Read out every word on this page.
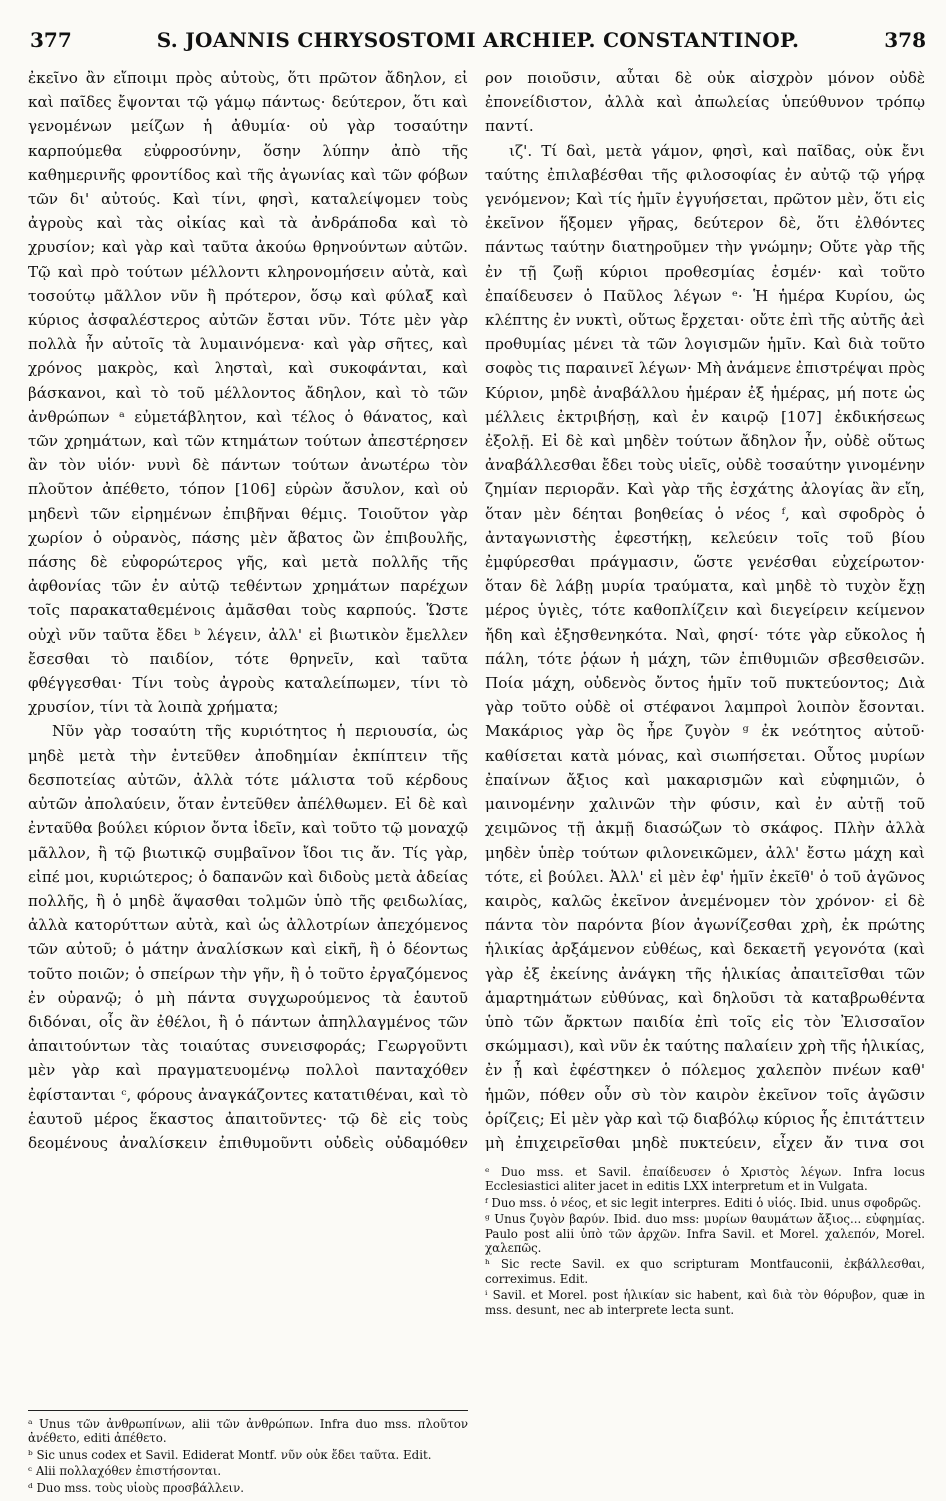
377	S. JOANNIS CHRYSOSTOMI ARCHIEP. CONSTANTINOP.	378

ἐκεῖνο ἂν εἴποιμι πρὸς αὐτοὺς, ὅτι πρῶτον ἄδηλον, εἰ καὶ παῖδες ἔψονται τῷ γάμῳ πάντως· δεύτερον, ὅτι καὶ γενομένων μείζων ἡ ἀθυμία· οὐ γὰρ τοσαύτην καρπούμεθα εὐφροσύνην, ὅσην λύπην ἀπὸ τῆς καθημερινῆς φροντίδος καὶ τῆς ἀγωνίας καὶ τῶν φόβων τῶν δι' αὐτούς. Καὶ τίνι, φησὶ, καταλείψομεν τοὺς ἀγροὺς καὶ τὰς οἰκίας καὶ τὰ ἀνδράποδα καὶ τὸ χρυσίον; καὶ γὰρ καὶ ταῦτα ἀκούω θρηνούντων αὐτῶν. Τῷ καὶ πρὸ τούτων μέλλοντι κληρονομήσειν αὐτὰ, καὶ τοσούτῳ μᾶλλον νῦν ἢ πρότερον, ὅσῳ καὶ φύλαξ καὶ κύριος ἀσφαλέστερος αὐτῶν ἔσται νῦν. Τότε μὲν γὰρ πολλὰ ἦν αὐτοῖς τὰ λυμαινόμενα· καὶ γὰρ σῆτες, καὶ χρόνος μακρὸς, καὶ λησταὶ, καὶ συκοφάνται, καὶ βάσκανοι, καὶ τὸ τοῦ μέλλοντος ἄδηλον, καὶ τὸ τῶν ἀνθρώπων ᵃ εὐμετάβλητον, καὶ τέλος ὁ θάνατος, καὶ τῶν χρημάτων, καὶ τῶν κτημάτων τούτων ἀπεστέρησεν ἂν τὸν υἱόν· νυνὶ δὲ πάντων τούτων ἀνωτέρω τὸν πλοῦτον ἀπέθετο, τόπον [106] εὑρὼν ἄσυλον, καὶ οὐ μηδενὶ τῶν εἰρημένων ἐπιβῆναι θέμις. Τοιοῦτον γὰρ χωρίον ὁ οὐρανὸς, πάσης μὲν ἄβατος ὢν ἐπιβουλῆς, πάσης δὲ εὐφορώτερος γῆς, καὶ μετὰ πολλῆς τῆς ἀφθονίας τῶν ἐν αὐτῷ τεθέντων χρημάτων παρέχων τοῖς παρακαταθεμένοις ἀμᾶσθαι τοὺς καρπούς. Ὥστε οὐχὶ νῦν ταῦτα ἔδει ᵇ λέγειν, ἀλλ' εἰ βιωτικὸν ἔμελλεν ἔσεσθαι τὸ παιδίον, τότε θρηνεῖν, καὶ ταῦτα φθέγγεσθαι· Τίνι τοὺς ἀγροὺς καταλείπωμεν, τίνι τὸ χρυσίον, τίνι τὰ λοιπὰ χρήματα;

Νῦν γὰρ τοσαύτη τῆς κυριότητος ἡ περιουσία, ὡς μηδὲ μετὰ τὴν ἐντεῦθεν ἀποδημίαν ἐκπίπτειν τῆς δεσποτείας αὐτῶν, ἀλλὰ τότε μάλιστα τοῦ κέρδους αὐτῶν ἀπολαύειν, ὅταν ἐντεῦθεν ἀπέλθωμεν. Εἰ δὲ καὶ ἐνταῦθα βούλει κύριον ὄντα ἰδεῖν, καὶ τοῦτο τῷ μοναχῷ μᾶλλον, ἢ τῷ βιωτικῷ συμβαῖνον ἴδοι τις ἄν. Τίς γὰρ, εἰπέ μοι, κυριώτερος; ὁ δαπανῶν καὶ διδοὺς μετὰ ἀδείας πολλῆς, ἢ ὁ μηδὲ ἅψασθαι τολμῶν ὑπὸ τῆς φειδωλίας, ἀλλὰ κατορύττων αὐτὰ, καὶ ὡς ἀλλοτρίων ἀπεχόμενος τῶν αὐτοῦ; ὁ μάτην ἀναλίσκων καὶ εἰκῆ, ἢ ὁ δέοντως τοῦτο ποιῶν; ὁ σπείρων τὴν γῆν, ἢ ὁ τοῦτο ἐργαζόμενος ἐν οὐρανῷ; ὁ μὴ πάντα συγχωρούμενος τὰ ἑαυτοῦ διδόναι, οἷς ἂν ἐθέλοι, ἢ ὁ πάντων ἀπηλλαγμένος τῶν ἀπαιτούντων τὰς τοιαύτας συνεισφοράς; Γεωργοῦντι μὲν γὰρ καὶ πραγματευομένῳ πολλοὶ πανταχόθεν ἐφίστανται ᶜ, φόρους ἀναγκάζοντες κατατιθέναι, καὶ τὸ ἑαυτοῦ μέρος ἕκαστος ἀπαιτοῦντες· τῷ δὲ εἰς τοὺς δεομένους ἀναλίσκειν ἐπιθυμοῦντι οὐδεὶς οὐδαμόθεν

ρον ποιοῦσιν, αὗται δὲ οὐκ αἰσχρὸν μόνον οὐδὲ ἐπονείδιστον, ἀλλὰ καὶ ἀπωλείας ὑπεύθυνον τρόπῳ παντί.

ιζ'. Τί δαὶ, μετὰ γάμον, φησὶ, καὶ παῖδας, οὐκ ἔνι ταύτης ἐπιλαβέσθαι τῆς φιλοσοφίας ἐν αὐτῷ τῷ γήρᾳ γενόμενον; Καὶ τίς ἡμῖν ἐγγυήσεται, πρῶτον μὲν, ὅτι εἰς ἐκεῖνον ἥξομεν γῆρας, δεύτερον δὲ, ὅτι ἐλθόντες πάντως ταύτην διατηροῦμεν τὴν γνώμην; Οὔτε γὰρ τῆς ἐν τῇ ζωῇ κύριοι προθεσμίας ἐσμέν· καὶ τοῦτο ἐπαίδευσεν ὁ Παῦλος λέγων ᵉ· Ἡ ἡμέρα Κυρίου, ὡς κλέπτης ἐν νυκτὶ, οὕτως ἔρχεται· οὔτε ἐπὶ τῆς αὐτῆς ἀεὶ προθυμίας μένει τὰ τῶν λογισμῶν ἡμῖν. Καὶ διὰ τοῦτο σοφὸς τις παραινεῖ λέγων· Μὴ ἀνάμενε ἐπιστρέψαι πρὸς Κύριον, μηδὲ ἀναβάλλου ἡμέραν ἐξ ἡμέρας, μή ποτε ὡς μέλλεις ἐκτριβήσῃ, καὶ ἐν καιρῷ [107] ἐκδικήσεως ἐξολῇ. Εἰ δὲ καὶ μηδὲν τούτων ἄδηλον ἦν, οὐδὲ οὕτως ἀναβάλλεσθαι ἔδει τοὺς υἱεῖς, οὐδὲ τοσαύτην γινομένην ζημίαν περιορᾶν. Καὶ γὰρ τῆς ἐσχάτης ἀλογίας ἂν εἴη, ὅταν μὲν δέηται βοηθείας ὁ νέος ᶠ, καὶ σφοδρὸς ὁ ἀνταγωνιστὴς ἐφεστήκῃ, κελεύειν τοῖς τοῦ βίου ἐμφύρεσθαι πράγμασιν, ὥστε γενέσθαι εὐχείρωτον· ὅταν δὲ λάβῃ μυρία τραύματα, καὶ μηδὲ τὸ τυχὸν ἔχῃ μέρος ὑγιὲς, τότε καθοπλίζειν καὶ διεγείρειν κείμενον ἤδη καὶ ἐξησθενηκότα. Ναὶ, φησί· τότε γὰρ εὔκολος ἡ πάλη, τότε ῥᾴων ἡ μάχη, τῶν ἐπιθυμιῶν σβεσθεισῶν. Ποία μάχη, οὐδενὸς ὄντος ἡμῖν τοῦ πυκτεύοντος; Διὰ γὰρ τοῦτο οὐδὲ οἱ στέφανοι λαμπροὶ λοιπὸν ἔσονται. Μακάριος γὰρ ὃς ἦρε ζυγὸν ᵍ ἐκ νεότητος αὐτοῦ· καθίσεται κατὰ μόνας, καὶ σιωπήσεται. Οὗτος μυρίων ἐπαίνων ἄξιος καὶ μακαρισμῶν καὶ εὐφημιῶν, ὁ μαινομένην χαλινῶν τὴν φύσιν, καὶ ἐν αὐτῇ τοῦ χειμῶνος τῇ ἀκμῇ διασώζων τὸ σκάφος. Πλὴν ἀλλὰ μηδὲν ὑπὲρ τούτων φιλονεικῶμεν, ἀλλ' ἔστω μάχη καὶ τότε, εἰ βούλει. Ἀλλ' εἰ μὲν ἐφ' ἡμῖν ἐκεῖθ' ὁ τοῦ ἀγῶνος καιρὸς, καλῶς ἐκεῖνον ἀνεμένομεν τὸν χρόνον· εἰ δὲ πάντα τὸν παρόντα βίον ἀγωνίζεσθαι χρὴ, ἐκ πρώτης ἡλικίας ἀρξάμενον εὐθέως, καὶ δεκαετῆ γεγονότα (καὶ γὰρ ἐξ ἐκείνης ἀνάγκη τῆς ἡλικίας ἀπαιτεῖσθαι τῶν ἁμαρτημάτων εὐθύνας, καὶ δηλοῦσι τὰ καταβρωθέντα ὑπὸ τῶν ἄρκτων παιδία ἐπὶ τοῖς εἰς τὸν Ἐλισσαῖον σκώμμασι), καὶ νῦν ἐκ ταύτης παλαίειν χρὴ τῆς ἡλικίας, ἐν ᾗ καὶ ἐφέστηκεν ὁ πόλεμος χαλεπὸν πνέων καθ' ἡμῶν, πόθεν οὖν σὺ τὸν καιρὸν ἐκεῖνον τοῖς ἀγῶσιν ὁρίζεις; Εἰ μὲν γὰρ καὶ τῷ διαβόλῳ κύριος ἧς ἐπιτάττειν μὴ ἐπιχειρεῖσθαι μηδὲ πυκτεύειν, εἶχεν ἄν τινα σοι

ᵃ Unus τῶν ἀνθρωπίνων, alii τῶν ἀνθρώπων. Infra duo mss. πλοῦτον ἀνέθετο, editi ἀπέθετο.

ᵇ Sic unus codex et Savil. Ediderat Montf. νῦν οὐκ ἔδει ταῦτα. Edit.

ᶜ Alii πολλαχόθεν ἐπιστήσονται.

ᵈ Duo mss. τοὺς υἱοὺς προσβάλλειν.

ᵉ Duo mss. et Savil. ἐπαίδευσεν ὁ Χριστὸς λέγων. Infra locus Ecclesiastici aliter jacet in editis LXX interpretum et in Vulgata.

ᶠ Duo mss. ὁ νέος, et sic legit interpres. Editi ὁ υἱός. Ibid. unus σφοδρῶς.

ᵍ Unus ζυγὸν βαρύν. Ibid. duo mss: μυρίων θαυμάτων ἄξιος... εὐφημίας. Paulo post alii ὑπὸ τῶν ἀρχῶν. Infra Savil. et Morel. χαλεπόν, Morel. χαλεπῶς.

ʰ Sic recte Savil. ex quo scripturam Montfauconii, ἐκβάλλεσθαι, correximus. Edit.

ⁱ Savil. et Morel. post ἡλικίαν sic habent, καὶ διὰ τὸν θόρυβον, quæ in mss. desunt, nec ab interprete lecta sunt.
